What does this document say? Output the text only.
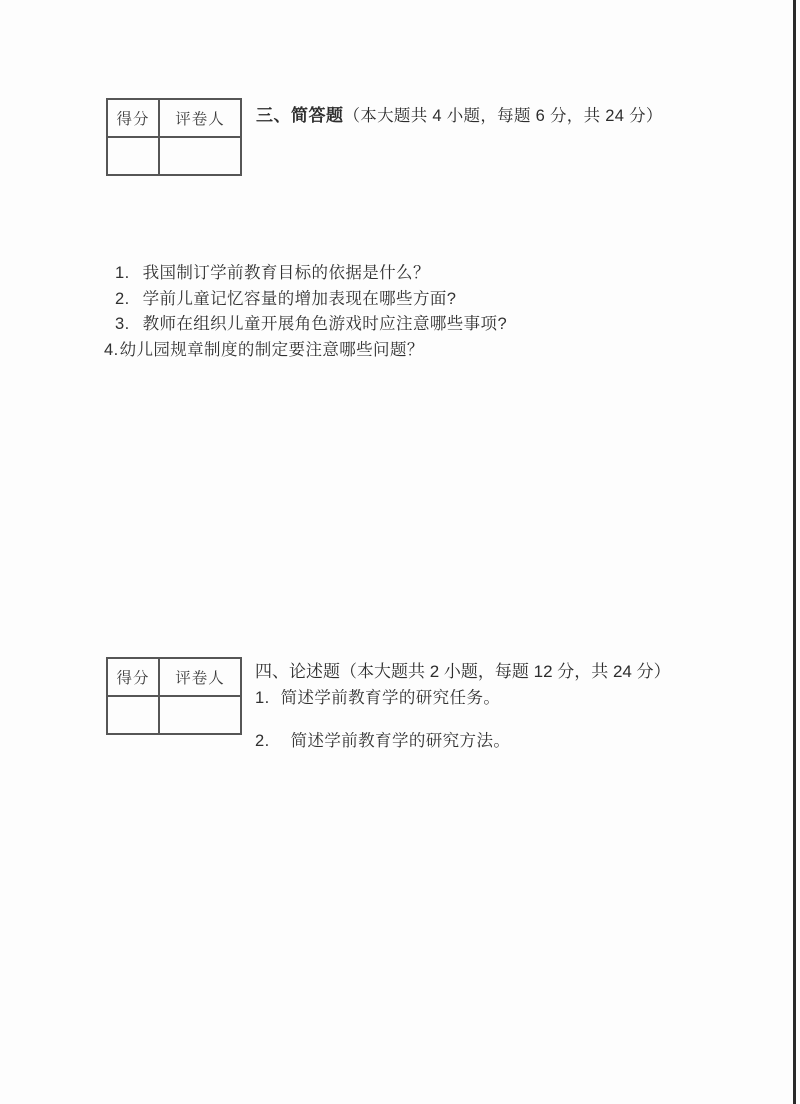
得分	评卷人
	三、简答题（本大题共 4 小题，每题 6 分，共 24 分）
1. 我国制订学前教育目标的依据是什么？
2. 学前儿童记忆容量的增加表现在哪些方面?
3. 教师在组织儿童开展角色游戏时应注意哪些事项?
4.幼儿园规章制度的制定要注意哪些问题？
得分	评卷人
	四、论述题（本大题共 2 小题，每题 12 分，共 24 分）
1. 简述学前教育学的研究任务。
2. 简述学前教育学的研究方法。
